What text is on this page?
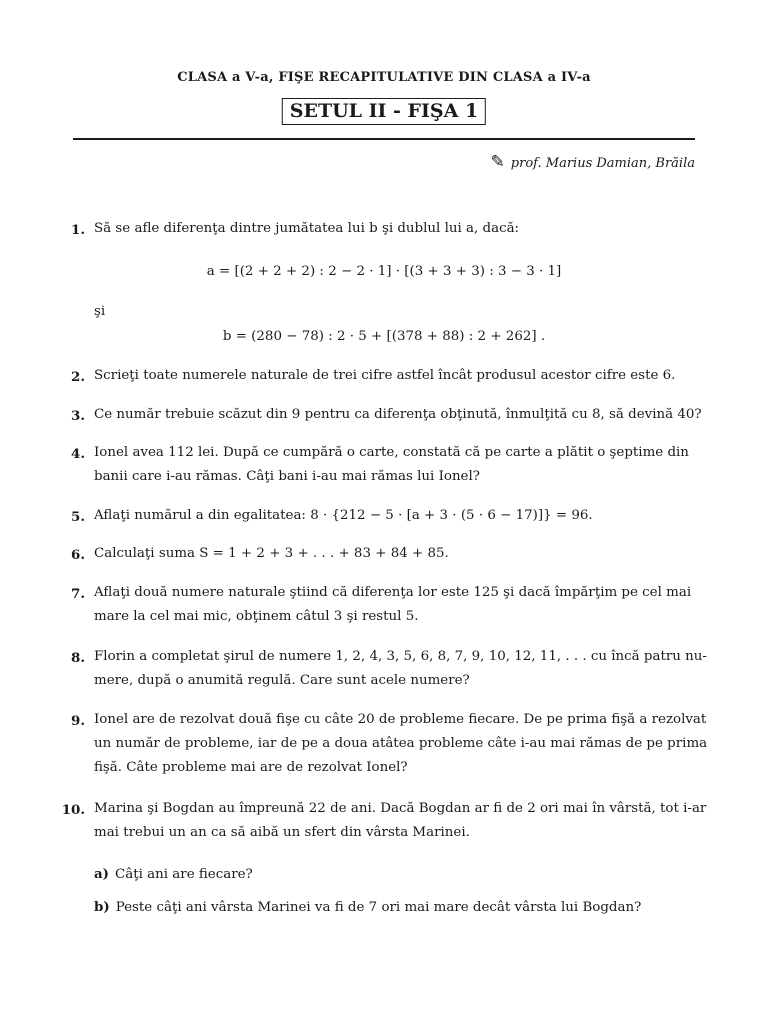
CLASA a V-a, FIŞE RECAPITULATIVE DIN CLASA a IV-a
SETUL II - FIŞA 1
✎ prof. Marius Damian, Brăila
1. Să se afle diferenţa dintre jumătatea lui b şi dublul lui a, dacă:
a = [(2 + 2 + 2) : 2 − 2 · 1] · [(3 + 3 + 3) : 3 − 3 · 1]
şi
b = (280 − 78) : 2 · 5 + [(378 + 88) : 2 + 262] .
2. Scrieţi toate numerele naturale de trei cifre astfel încât produsul acestor cifre este 6.
3. Ce număr trebuie scăzut din 9 pentru ca diferenţa obţinută, înmulţită cu 8, să devină 40?
4. Ionel avea 112 lei. După ce cumpără o carte, constată că pe carte a plătit o şeptime din
banii care i-au rămas. Câţi bani i-au mai rămas lui Ionel?
5. Aflaţi numărul a din egalitatea: 8 · {212 − 5 · [a + 3 · (5 · 6 − 17)]} = 96.
6. Calculaţi suma S = 1 + 2 + 3 + . . . + 83 + 84 + 85.
7. Aflaţi două numere naturale ştiind că diferenţa lor este 125 şi dacă împărţim pe cel mai
mare la cel mai mic, obţinem câtul 3 şi restul 5.
8. Florin a completat şirul de numere 1, 2, 4, 3, 5, 6, 8, 7, 9, 10, 12, 11, . . . cu încă patru nu-
mere, după o anumită regulă. Care sunt acele numere?
9. Ionel are de rezolvat două fişe cu câte 20 de probleme fiecare. De pe prima fişă a rezolvat
un număr de probleme, iar de pe a doua atâtea probleme câte i-au mai rămas de pe prima
fişă. Câte probleme mai are de rezolvat Ionel?
10. Marina şi Bogdan au împreună 22 de ani. Dacă Bogdan ar fi de 2 ori mai în vârstă, tot i-ar
mai trebui un an ca să aibă un sfert din vârsta Marinei.
a) Câţi ani are fiecare?
b) Peste câţi ani vârsta Marinei va fi de 7 ori mai mare decât vârsta lui Bogdan?
